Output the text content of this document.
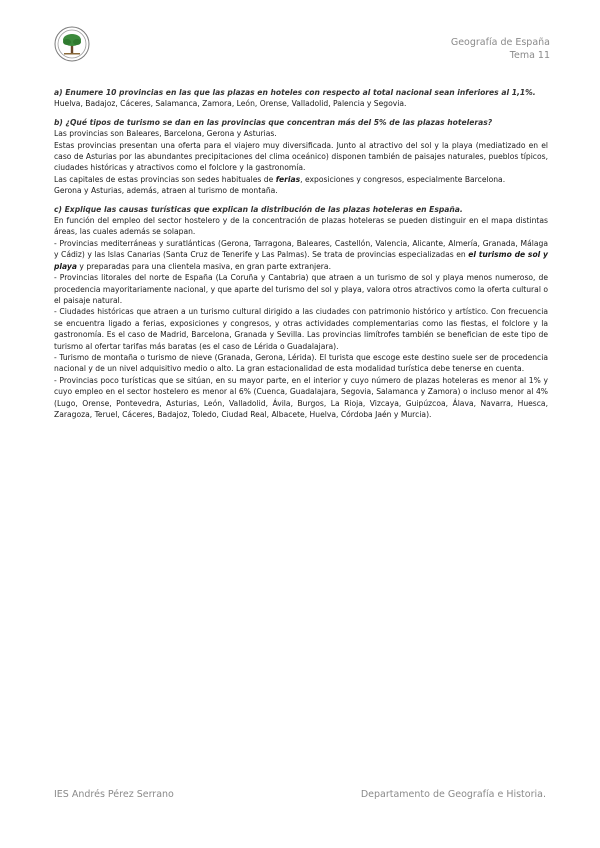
Geografía de España
Tema 11

a) Enumere 10 provincias en las que las plazas en hoteles con respecto al total nacional sean inferiores al 1,1%.

Huelva, Badajoz, Cáceres, Salamanca, Zamora, León, Orense, Valladolid, Palencia y Segovia.

b) ¿Qué tipos de turismo se dan en las provincias que concentran más del 5% de las plazas hoteleras?

Las provincias son Baleares, Barcelona, Gerona y Asturias.

Estas provincias presentan una oferta para el viajero muy diversificada. Junto al atractivo del sol y la playa (mediatizado en el caso de Asturias por las abundantes precipitaciones del clima oceánico) disponen también de paisajes naturales, pueblos típicos, ciudades históricas y atractivos como el folclore y la gastronomía.

Las capitales de estas provincias son sedes habituales de ferias, exposiciones y congresos, especialmente Barcelona.

Gerona y Asturias, además, atraen al turismo de montaña.

c) Explique las causas turísticas que explican la distribución de las plazas hoteleras en España.

En función del empleo del sector hostelero y de la concentración de plazas hoteleras se pueden distinguir en el mapa distintas áreas, las cuales además se solapan.

- Provincias mediterráneas y suratlánticas (Gerona, Tarragona, Baleares, Castellón, Valencia, Alicante, Almería, Granada, Málaga y Cádiz) y las Islas Canarias (Santa Cruz de Tenerife y Las Palmas). Se trata de provincias especializadas en el turismo de sol y playa y preparadas para una clientela masiva, en gran parte extranjera.

- Provincias litorales del norte de España (La Coruña y Cantabria) que atraen a un turismo de sol y playa menos numeroso, de procedencia mayoritariamente nacional, y que aparte del turismo del sol y playa, valora otros atractivos como la oferta cultural o el paisaje natural.

- Ciudades históricas que atraen a un turismo cultural dirigido a las ciudades con patrimonio histórico y artístico. Con frecuencia se encuentra ligado a ferias, exposiciones y congresos, y otras actividades complementarias como las fiestas, el folclore y la gastronomía. Es el caso de Madrid, Barcelona, Granada y Sevilla. Las provincias limítrofes también se benefician de este tipo de turismo al ofertar tarifas más baratas (es el caso de Lérida o Guadalajara).

- Turismo de montaña o turismo de nieve (Granada, Gerona, Lérida). El turista que escoge este destino suele ser de procedencia nacional y de un nivel adquisitivo medio o alto. La gran estacionalidad de esta modalidad turística debe tenerse en cuenta.

- Provincias poco turísticas que se sitúan, en su mayor parte, en el interior y cuyo número de plazas hoteleras es menor al 1% y cuyo empleo en el sector hostelero es menor al 6% (Cuenca, Guadalajara, Segovia, Salamanca y Zamora) o incluso menor al 4% (Lugo, Orense, Pontevedra, Asturias, León, Valladolid, Ávila, Burgos, La Rioja, Vizcaya, Guipúzcoa, Álava, Navarra, Huesca, Zaragoza, Teruel, Cáceres, Badajoz, Toledo, Ciudad Real, Albacete, Huelva, Córdoba Jaén y Murcia).

IES Andrés Pérez Serrano	Departamento de Geografía e Historia.
